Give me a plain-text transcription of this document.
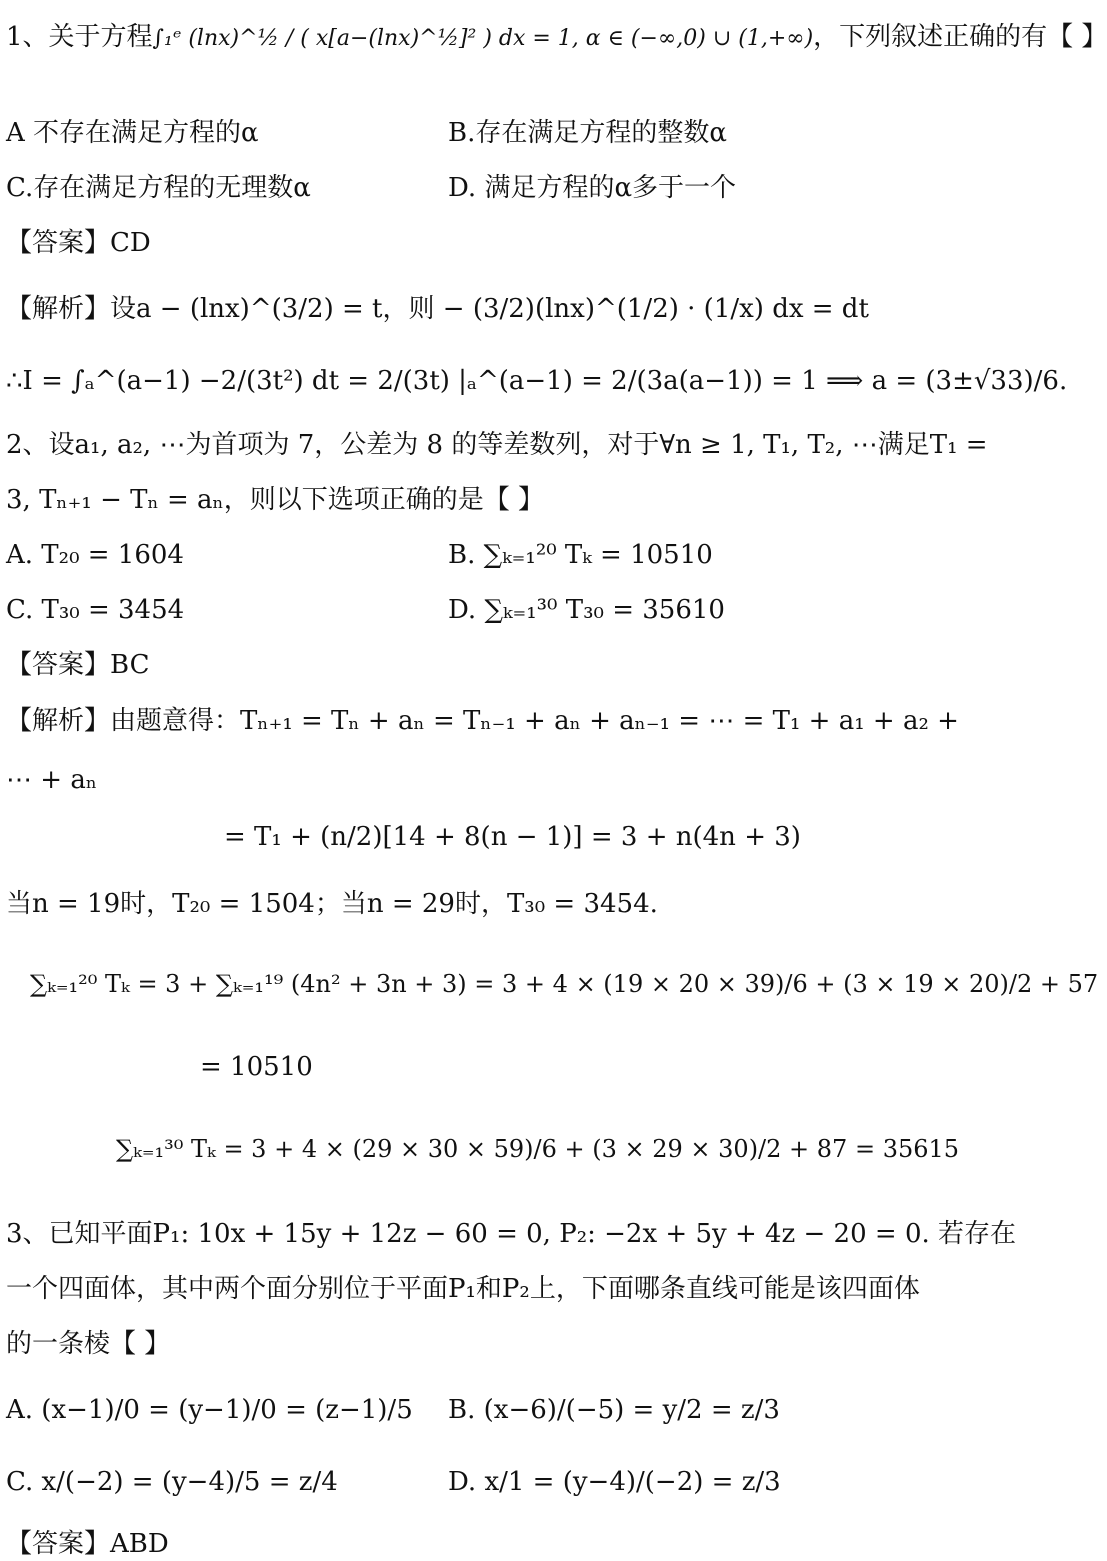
1、关于方程∫₁ᵉ (lnx)^½ / ( x[a−(lnx)^½]² ) dx = 1, α ∈ (−∞,0) ∪ (1,+∞)，下列叙述正确的有【 】
A 不存在满足方程的α	B.存在满足方程的整数α
C.存在满足方程的无理数α	D. 满足方程的α多于一个
【答案】CD
【解析】设a − (lnx)^(3/2) = t，则 − (3/2)(lnx)^(1/2) · (1/x) dx = dt
∴I = ∫ₐ^(a−1) −2/(3t²) dt = 2/(3t) |ₐ^(a−1) = 2/(3a(a−1)) = 1 ⟹ a = (3±√33)/6.
2、设a₁, a₂, ⋯为首项为 7，公差为 8 的等差数列，对于∀n ≥ 1, T₁, T₂, ⋯满足T₁ =
3, Tₙ₊₁ − Tₙ = aₙ，则以下选项正确的是【 】
A. T₂₀ = 1604	B. ∑ₖ₌₁²⁰ Tₖ = 10510
C. T₃₀ = 3454	D. ∑ₖ₌₁³⁰ T₃₀ = 35610
【答案】BC
【解析】由题意得：Tₙ₊₁ = Tₙ + aₙ = Tₙ₋₁ + aₙ + aₙ₋₁ = ⋯ = T₁ + a₁ + a₂ +
⋯ + aₙ
= T₁ + (n/2)[14 + 8(n − 1)] = 3 + n(4n + 3)
当n = 19时，T₂₀ = 1504；当n = 29时，T₃₀ = 3454.
∑ₖ₌₁²⁰ Tₖ = 3 + ∑ₖ₌₁¹⁹ (4n² + 3n + 3) = 3 + 4 × (19 × 20 × 39)/6 + (3 × 19 × 20)/2 + 57
= 10510
∑ₖ₌₁³⁰ Tₖ = 3 + 4 × (29 × 30 × 59)/6 + (3 × 29 × 30)/2 + 87 = 35615
3、已知平面P₁: 10x + 15y + 12z − 60 = 0, P₂: −2x + 5y + 4z − 20 = 0. 若存在
一个四面体，其中两个面分别位于平面P₁和P₂上，下面哪条直线可能是该四面体
的一条棱【 】
A. (x−1)/0 = (y−1)/0 = (z−1)/5 B. (x−6)/(−5) = y/2 = z/3
C. x/(−2) = (y−4)/5 = z/4	D. x/1 = (y−4)/(−2) = z/3
【答案】ABD
